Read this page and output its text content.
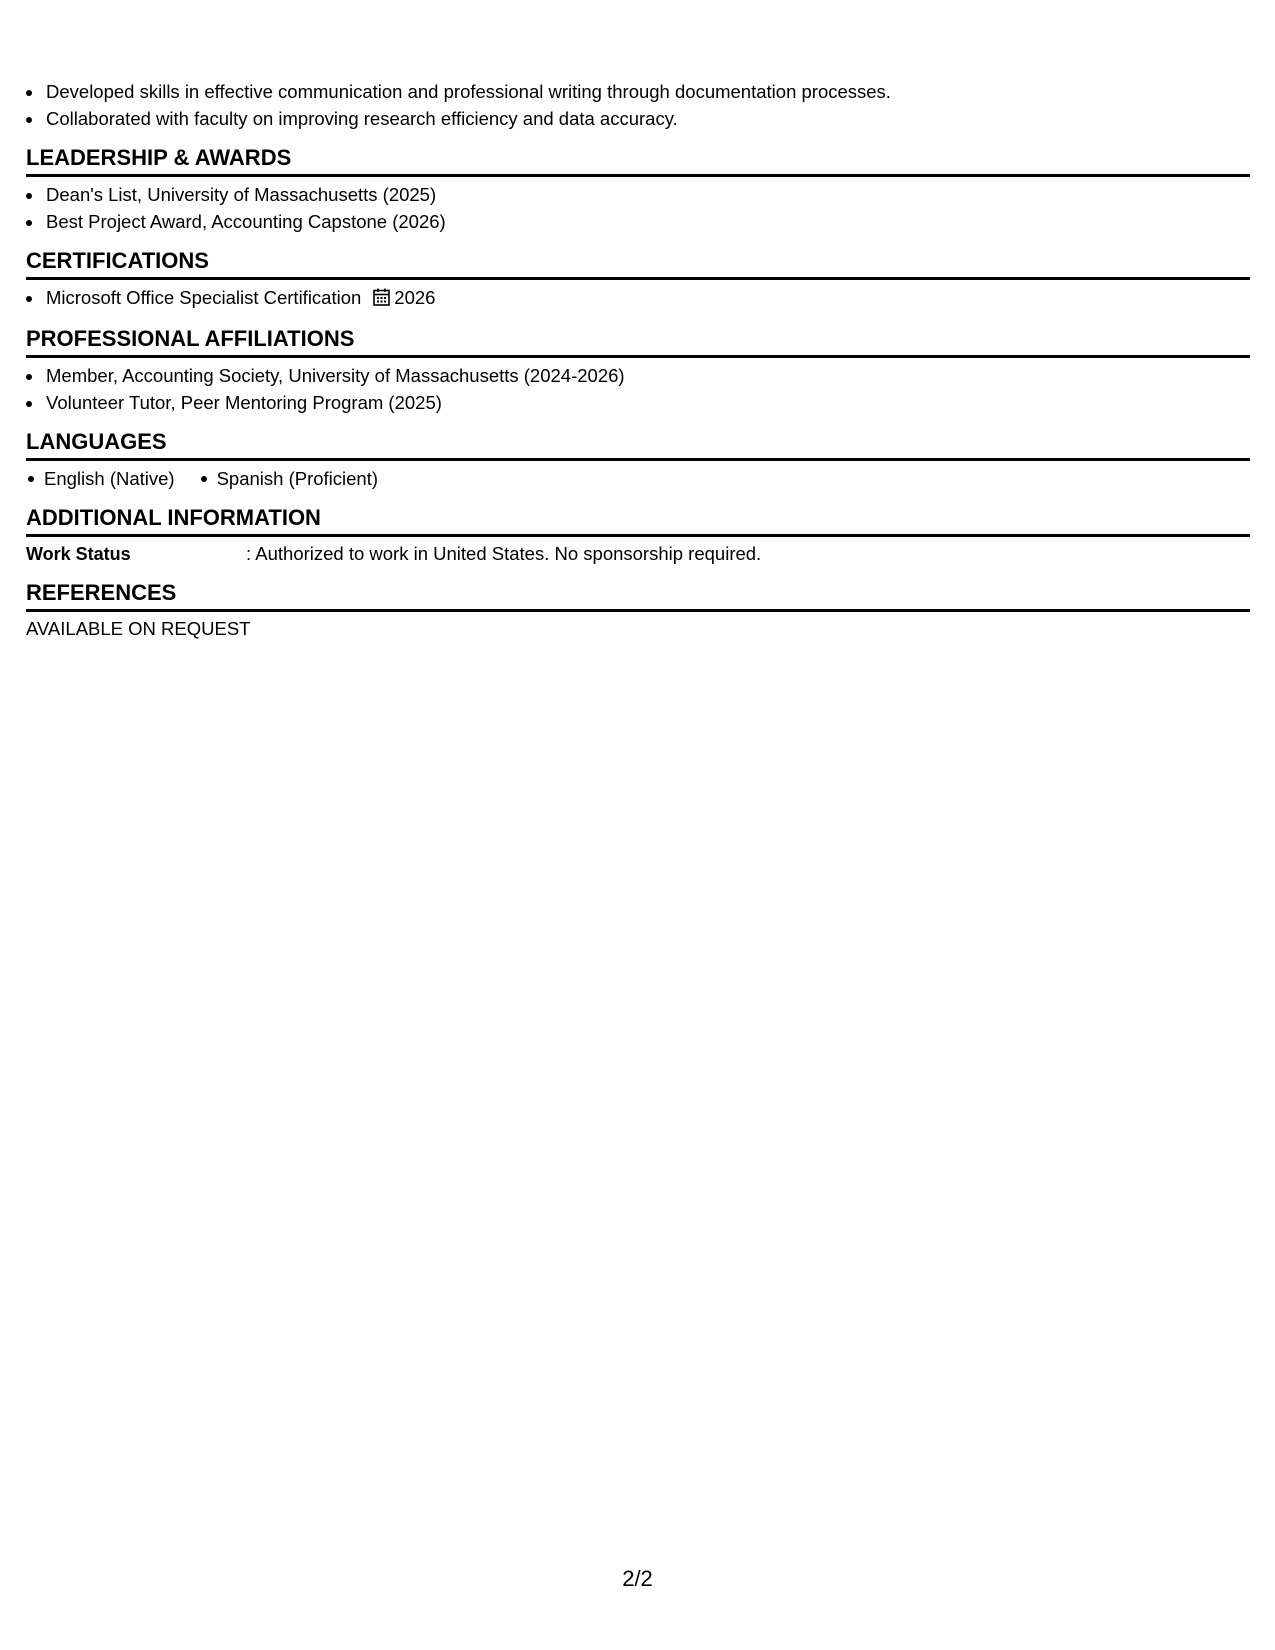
• Developed skills in effective communication and professional writing through documentation processes.
• Collaborated with faculty on improving research efficiency and data accuracy.
LEADERSHIP & AWARDS
• Dean's List, University of Massachusetts (2025)
• Best Project Award, Accounting Capstone (2026)
CERTIFICATIONS
• Microsoft Office Specialist Certification 2026
PROFESSIONAL AFFILIATIONS
• Member, Accounting Society, University of Massachusetts (2024-2026)
• Volunteer Tutor, Peer Mentoring Program (2025)
LANGUAGES
English (Native)	Spanish (Proficient)
ADDITIONAL INFORMATION
Work Status	: Authorized to work in United States. No sponsorship required.
REFERENCES
AVAILABLE ON REQUEST
2/2
